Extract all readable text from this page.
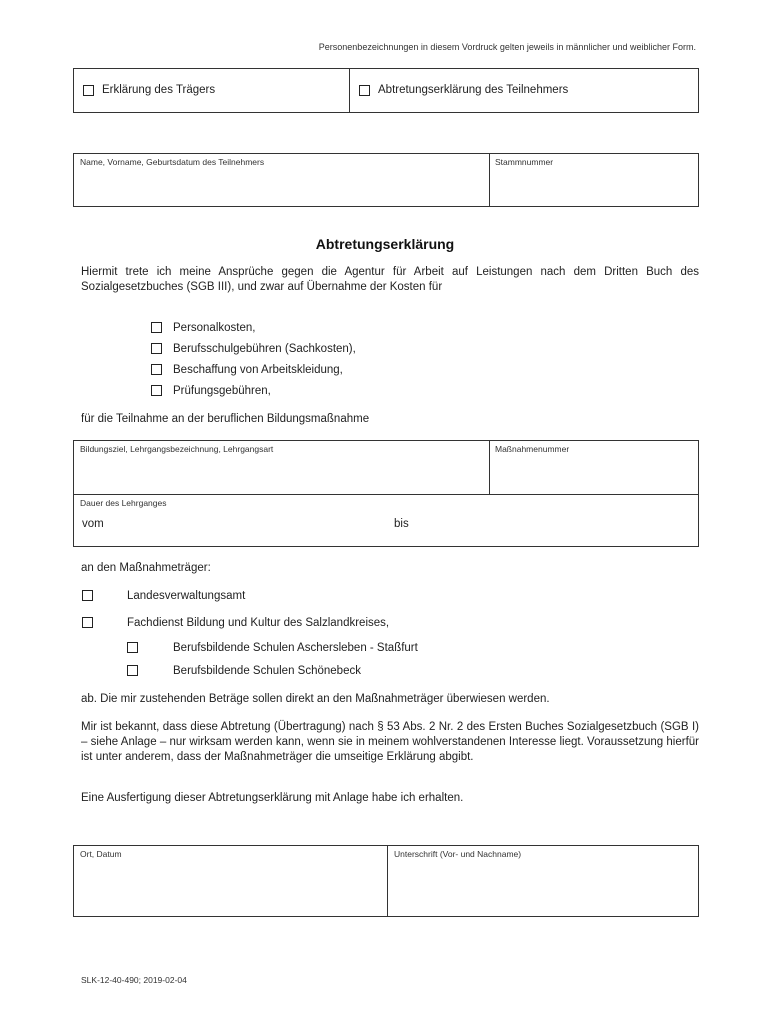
Personenbezeichnungen in diesem Vordruck gelten jeweils in männlicher und weiblicher Form.
Erklärung des Trägers	Abtretungserklärung des Teilnehmers
Name, Vorname, Geburtsdatum des Teilnehmers	Stammnummer
Abtretungserklärung
Hiermit trete ich meine Ansprüche gegen die Agentur für Arbeit auf Leistungen nach dem Dritten Buch des Sozialgesetzbuches (SGB III), und zwar auf Übernahme der Kosten für
Personalkosten,
Berufsschulgebühren (Sachkosten),
Beschaffung von Arbeitskleidung,
Prüfungsgebühren,
für die Teilnahme an der beruflichen Bildungsmaßnahme
Bildungsziel, Lehrgangsbezeichnung, Lehrgangsart	Maßnahmenummer
Dauer des Lehrganges
vom	bis
an den Maßnahmeträger:
Landesverwaltungsamt
Fachdienst Bildung und Kultur des Salzlandkreises,
Berufsbildende Schulen Aschersleben - Staßfurt
Berufsbildende Schulen Schönebeck
ab. Die mir zustehenden Beträge sollen direkt an den Maßnahmeträger überwiesen werden.
Mir ist bekannt, dass diese Abtretung (Übertragung) nach § 53 Abs. 2 Nr. 2 des Ersten Buches Sozialgesetzbuch (SGB I) – siehe Anlage – nur wirksam werden kann, wenn sie in meinem wohlverstandenen Interesse liegt. Voraussetzung hierfür ist unter anderem, dass der Maßnahmeträger die umseitige Erklärung abgibt.
Eine Ausfertigung dieser Abtretungserklärung mit Anlage habe ich erhalten.
Ort, Datum	Unterschrift (Vor- und Nachname)
SLK-12-40-490; 2019-02-04
